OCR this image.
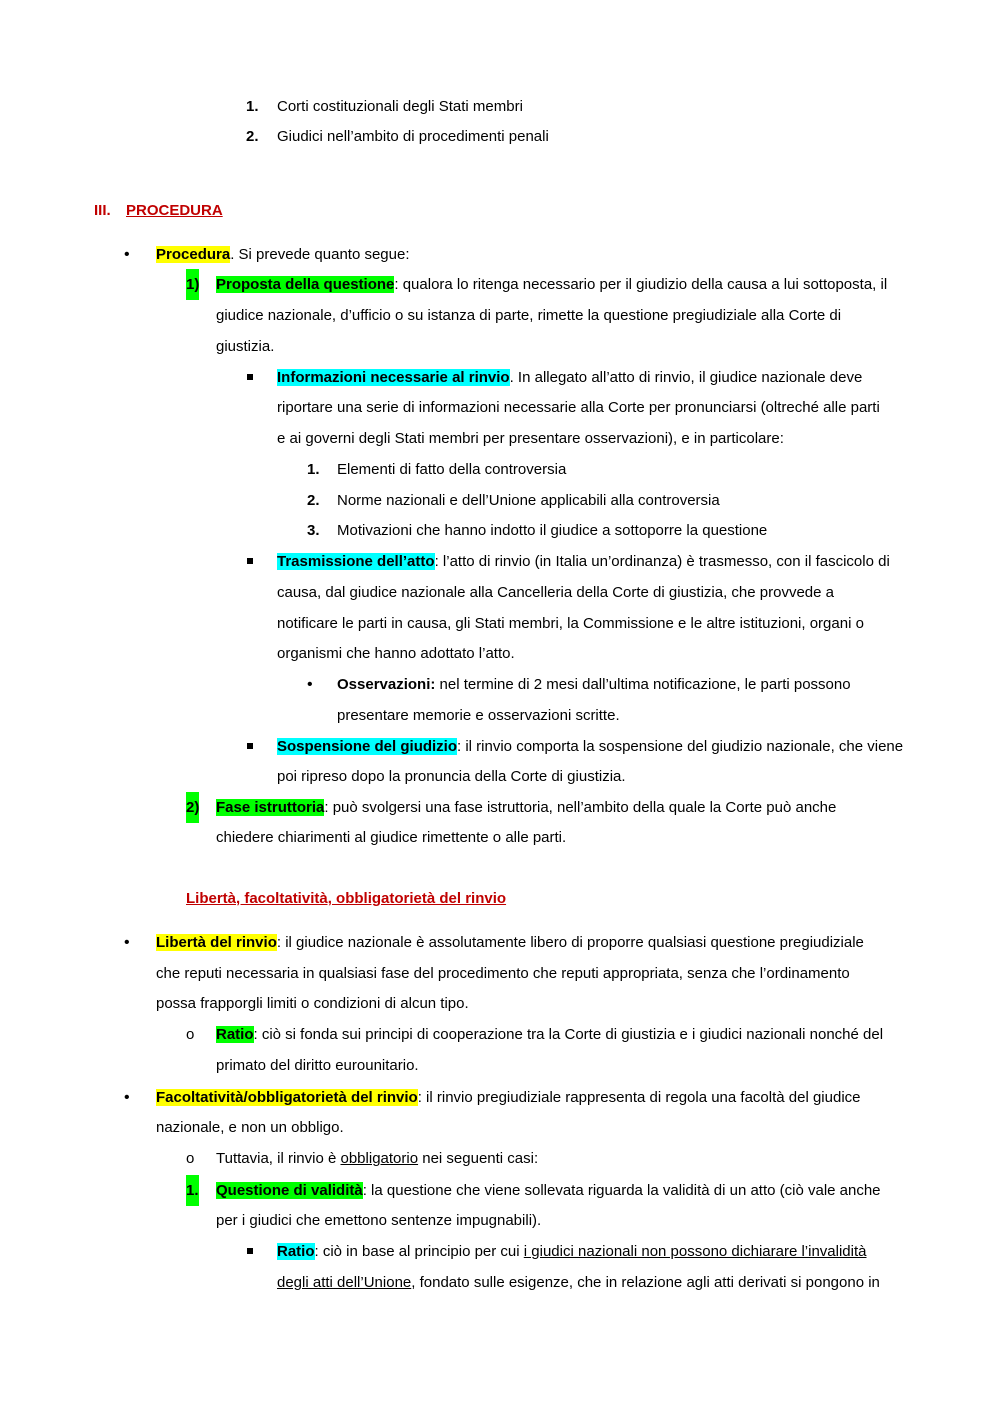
1. Corti costituzionali degli Stati membri
2. Giudici nell’ambito di procedimenti penali
III. PROCEDURA
• Procedura. Si prevede quanto segue:
1) Proposta della questione: qualora lo ritenga necessario per il giudizio della causa a lui sottoposta, il
giudice nazionale, d’ufficio o su istanza di parte, rimette la questione pregiudiziale alla Corte di
giustizia.
Informazioni necessarie al rinvio. In allegato all’atto di rinvio, il giudice nazionale deve
riportare una serie di informazioni necessarie alla Corte per pronunciarsi (oltreché alle parti
e ai governi degli Stati membri per presentare osservazioni), e in particolare:
1. Elementi di fatto della controversia
2. Norme nazionali e dell’Unione applicabili alla controversia
3. Motivazioni che hanno indotto il giudice a sottoporre la questione
Trasmissione dell’atto: l’atto di rinvio (in Italia un’ordinanza) è trasmesso, con il fascicolo di
causa, dal giudice nazionale alla Cancelleria della Corte di giustizia, che provvede a
notificare le parti in causa, gli Stati membri, la Commissione e le altre istituzioni, organi o
organismi che hanno adottato l’atto.
• Osservazioni: nel termine di 2 mesi dall’ultima notificazione, le parti possono
presentare memorie e osservazioni scritte.
Sospensione del giudizio: il rinvio comporta la sospensione del giudizio nazionale, che viene
poi ripreso dopo la pronuncia della Corte di giustizia.
2) Fase istruttoria: può svolgersi una fase istruttoria, nell’ambito della quale la Corte può anche
chiedere chiarimenti al giudice rimettente o alle parti.
Libertà, facoltatività, obbligatorietà del rinvio
• Libertà del rinvio: il giudice nazionale è assolutamente libero di proporre qualsiasi questione pregiudiziale
che reputi necessaria in qualsiasi fase del procedimento che reputi appropriata, senza che l’ordinamento
possa frapporgli limiti o condizioni di alcun tipo.
o Ratio: ciò si fonda sui principi di cooperazione tra la Corte di giustizia e i giudici nazionali nonché del
primato del diritto eurounitario.
• Facoltatività/obbligatorietà del rinvio: il rinvio pregiudiziale rappresenta di regola una facoltà del giudice
nazionale, e non un obbligo.
o Tuttavia, il rinvio è obbligatorio nei seguenti casi:
1. Questione di validità: la questione che viene sollevata riguarda la validità di un atto (ciò vale anche
per i giudici che emettono sentenze impugnabili).
Ratio: ciò in base al principio per cui i giudici nazionali non possono dichiarare l’invalidità
degli atti dell’Unione, fondato sulle esigenze, che in relazione agli atti derivati si pongono in
